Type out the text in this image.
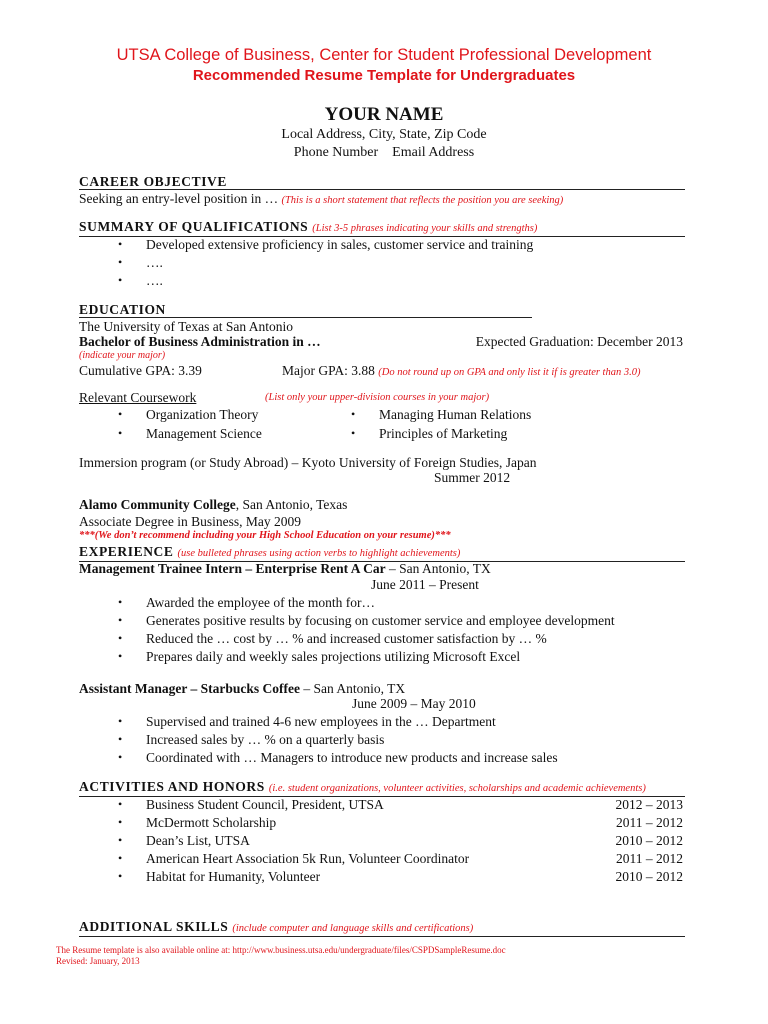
UTSA College of Business, Center for Student Professional Development
Recommended Resume Template for Undergraduates
YOUR NAME
Local Address, City, State, Zip Code
Phone Number    Email Address
CAREER OBJECTIVE
Seeking an entry-level position in … (This is a short statement that reflects the position you are seeking)
SUMMARY OF QUALIFICATIONS (List 3-5 phrases indicating your skills and strengths)
• Developed extensive proficiency in sales, customer service and training
• ….
• ….
EDUCATION
The University of Texas at San Antonio
Bachelor of Business Administration in …	Expected Graduation: December 2013
(indicate your major)
Cumulative GPA: 3.39	Major GPA: 3.88 (Do not round up on GPA and only list it if is greater than 3.0)
Relevant Coursework	(List only your upper-division courses in your major)
• Organization Theory	• Managing Human Relations
• Management Science	• Principles of Marketing
Immersion program (or Study Abroad) – Kyoto University of Foreign Studies, Japan
Summer 2012
Alamo Community College, San Antonio, Texas
Associate Degree in Business, May 2009
***(We don’t recommend including your High School Education on your resume)***
EXPERIENCE (use bulleted phrases using action verbs to highlight achievements)
Management Trainee Intern – Enterprise Rent A Car – San Antonio, TX
June 2011 – Present
• Awarded the employee of the month for…
• Generates positive results by focusing on customer service and employee development
• Reduced the … cost by … % and increased customer satisfaction by … %
• Prepares daily and weekly sales projections utilizing Microsoft Excel
Assistant Manager – Starbucks Coffee – San Antonio, TX
June 2009 – May 2010
• Supervised and trained 4-6 new employees in the … Department
• Increased sales by … % on a quarterly basis
• Coordinated with … Managers to introduce new products and increase sales
ACTIVITIES AND HONORS (i.e. student organizations, volunteer activities, scholarships and academic achievements)
• Business Student Council, President, UTSA	2012 – 2013
• McDermott Scholarship	2011 – 2012
• Dean’s List, UTSA	2010 – 2012
• American Heart Association 5k Run, Volunteer Coordinator	2011 – 2012
• Habitat for Humanity, Volunteer	2010 – 2012
ADDITIONAL SKILLS (include computer and language skills and certifications)
The Resume template is also available online at: http://www.business.utsa.edu/undergraduate/files/CSPDSampleResume.doc
Revised: January, 2013
